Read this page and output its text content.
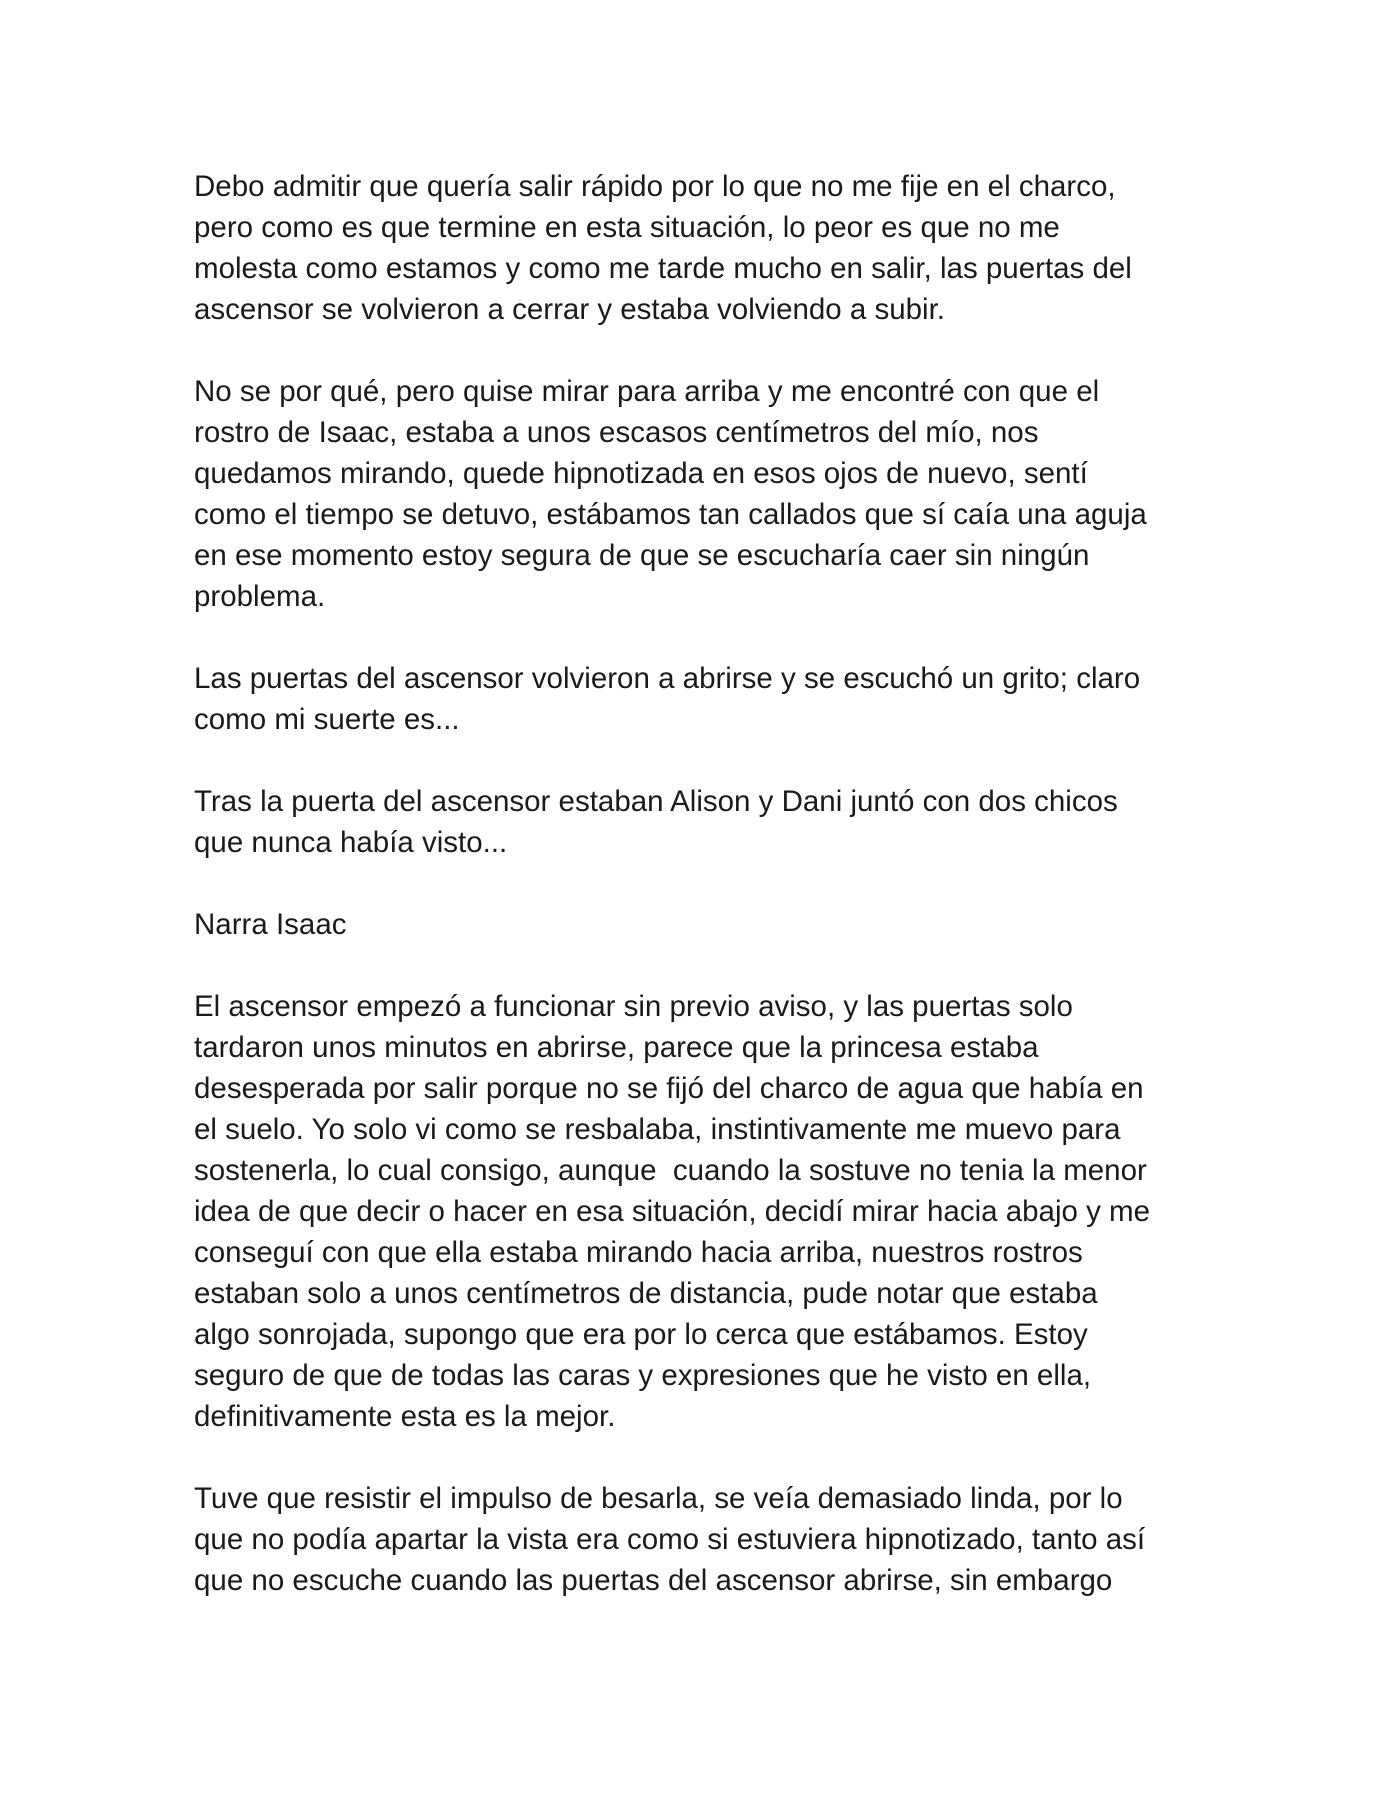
Debo admitir que quería salir rápido por lo que no me fije en el charco,
pero como es que termine en esta situación, lo peor es que no me
molesta como estamos y como me tarde mucho en salir, las puertas del
ascensor se volvieron a cerrar y estaba volviendo a subir.
No se por qué, pero quise mirar para arriba y me encontré con que el
rostro de Isaac, estaba a unos escasos centímetros del mío, nos
quedamos mirando, quede hipnotizada en esos ojos de nuevo, sentí
como el tiempo se detuvo, estábamos tan callados que sí caía una aguja
en ese momento estoy segura de que se escucharía caer sin ningún
problema.
Las puertas del ascensor volvieron a abrirse y se escuchó un grito; claro
como mi suerte es...
Tras la puerta del ascensor estaban Alison y Dani juntó con dos chicos
que nunca había visto...
Narra Isaac
El ascensor empezó a funcionar sin previo aviso, y las puertas solo
tardaron unos minutos en abrirse, parece que la princesa estaba
desesperada por salir porque no se fijó del charco de agua que había en
el suelo. Yo solo vi como se resbalaba, instintivamente me muevo para
sostenerla, lo cual consigo, aunque  cuando la sostuve no tenia la menor
idea de que decir o hacer en esa situación, decidí mirar hacia abajo y me
conseguí con que ella estaba mirando hacia arriba, nuestros rostros
estaban solo a unos centímetros de distancia, pude notar que estaba
algo sonrojada, supongo que era por lo cerca que estábamos. Estoy
seguro de que de todas las caras y expresiones que he visto en ella,
definitivamente esta es la mejor.
Tuve que resistir el impulso de besarla, se veía demasiado linda, por lo
que no podía apartar la vista era como si estuviera hipnotizado, tanto así
que no escuche cuando las puertas del ascensor abrirse, sin embargo
